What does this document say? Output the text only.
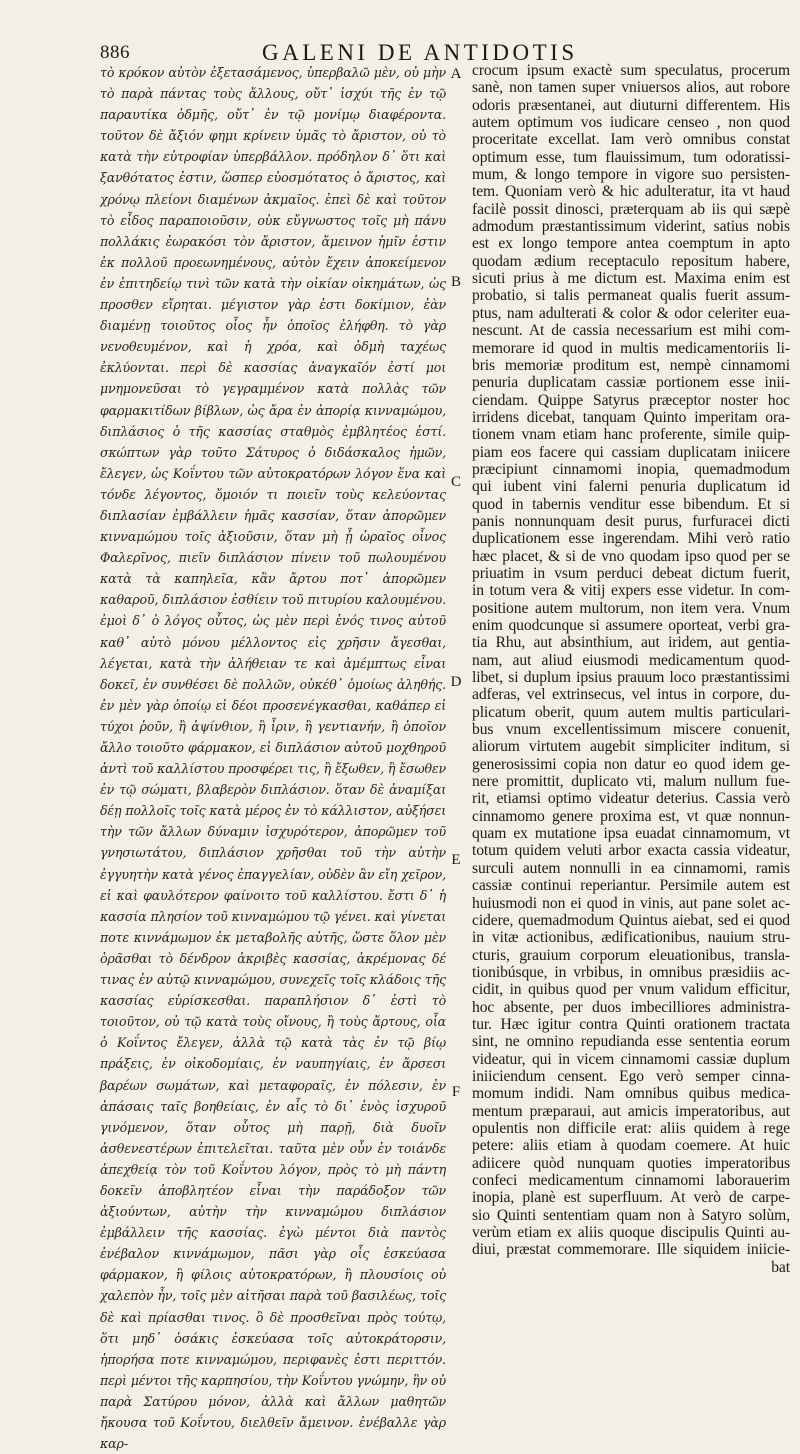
886	GALENI DE ANTIDOTIS

τὸ κρόκον αὐτὸν ἐξετασάμενος, ὑπερβαλῶ μὲν, οὐ μὴν τὸ παρὰ πάντας τοὺς ἄλλους, οὔτ᾽ ἰσχύι τῆς ἐν τῷ παραυτίκα ὀδμῆς, οὔτ᾽ ἐν τῷ μονίμῳ διαφέροντα. τοῦτον δὲ ἄξιόν φημι κρίνειν ὑμᾶς τὸ ἄριστον, οὐ τὸ κατὰ τὴν εὐτροφίαν ὑπερβάλλον. πρόδηλον δ᾽ ὅτι καὶ ξανθότατος ἐστιν, ὥσπερ εὐοσμότατος ὁ ἄριστος, καὶ χρόνῳ πλείονι διαμένων ἀκμαῖος. ἐπεὶ δὲ καὶ τοῦτον τὸ εἶδος παραποιοῦσιν, οὐκ εὔγνωστος τοῖς μὴ πάνυ πολλάκις ἑωρακόσι τὸν ἄριστον, ἄμεινον ἡμῖν ἐστιν ἐκ πολλοῦ προεωνημένους, αὐτὸν ἔχειν ἀποκείμενον ἐν ἐπιτηδείῳ τινὶ τῶν κατὰ τὴν οἰκίαν οἰκημάτων, ὡς προσθεν εἴρηται. μέγιστον γὰρ ἐστι δοκίμιον, ἐὰν διαμένῃ τοιοῦτος οἷος ἦν ὁποῖος ἐλήφθη. τὸ γὰρ νενοθευμένον, καὶ ἡ χρόα, καὶ ὀδμὴ ταχέως ἐκλύονται. περὶ δὲ κασσίας ἀναγκαῖόν ἐστί μοι μνημονεῦσαι τὸ γεγραμμένον κατὰ πολλὰς τῶν φαρμακιτίδων βίβλων, ὡς ἄρα ἐν ἀπορίᾳ κινναμώμου, διπλάσιος ὁ τῆς κασσίας σταθμὸς ἐμβλητέος ἐστί. σκώπτων γὰρ τοῦτο Σάτυρος ὁ διδάσκαλος ἡμῶν, ἔλεγεν, ὡς Κοΐντου τῶν αὐτοκρατόρων λόγον ἕνα καὶ τόνδε λέγοντος, ὅμοιόν τι ποιεῖν τοὺς κελεύοντας διπλασίαν ἐμβάλλειν ἡμᾶς κασσίαν, ὅταν ἀπορῶμεν κινναμώμου τοῖς ἀξιοῦσιν, ὅταν μὴ ᾖ ὡραῖος οἶνος Φαλερῖνος, πιεῖν διπλάσιον πίνειν τοῦ πωλουμένου κατὰ τὰ καπηλεῖα, κἂν ἄρτου ποτ᾽ ἀπορῶμεν καθαροῦ, διπλάσιον ἐσθίειν τοῦ πιτυρίου καλουμένου. ἐμοὶ δ᾽ ὁ λόγος οὗτος, ὡς μὲν περὶ ἑνός τινος αὐτοῦ καθ᾽ αὑτὸ μόνου μέλλοντος εἰς χρῆσιν ἄγεσθαι, λέγεται, κατὰ τὴν ἀλήθειαν τε καὶ ἀμέμπτως εἶναι δοκεῖ, ἐν συνθέσει δὲ πολλῶν, οὐκέθ᾽ ὁμοίως ἀληθής. ἐν μὲν γὰρ ὁποίῳ εἰ δέοι προσενέγκασθαι, καθάπερ εἰ τύχοι ῥοῦν, ἢ ἀψίνθιον, ἢ ἶριν, ἢ γεντιανήν, ἢ ὁποῖον ἄλλο τοιοῦτο φάρμακον, εἰ διπλάσιον αὐτοῦ μοχθηροῦ ἀντὶ τοῦ καλλίστου προσφέρει τις, ἢ ἔξωθεν, ἢ ἔσωθεν ἐν τῷ σώματι, βλαβερὸν διπλάσιον. ὅταν δὲ ἀναμίξαι δέῃ πολλοῖς τοῖς κατὰ μέρος ἐν τὸ κάλλιστον, αὐξήσει τὴν τῶν ἄλλων δύναμιν ἰσχυρότερον, ἀπορῶμεν τοῦ γνησιωτάτου, διπλάσιον χρῆσθαι τοῦ τὴν αὐτὴν ἐγγυητὴν κατὰ γένος ἐπαγγελίαν, οὐδὲν ἂν εἴη χεῖρον, εἰ καὶ φαυλότερον φαίνοιτο τοῦ καλλίστου. ἔστι δ᾽ ἡ κασσία πλησίον τοῦ κινναμώμου τῷ γένει. καὶ γίνεται ποτε κιννάμωμον ἐκ μεταβολῆς αὐτῆς, ὥστε ὅλον μὲν ὁρᾶσθαι τὸ δένδρον ἀκριβὲς κασσίας, ἀκρέμονας δέ τινας ἐν αὐτῷ κινναμώμου, συνεχεῖς τοῖς κλάδοις τῆς κασσίας εὑρίσκεσθαι. παραπλήσιον δ᾽ ἐστὶ τὸ τοιοῦτον, οὐ τῷ κατὰ τοὺς οἴνους, ἢ τοὺς ἄρτους, οἷα ὁ Κοΐντος ἔλεγεν, ἀλλὰ τῷ κατὰ τὰς ἐν τῷ βίῳ πράξεις, ἐν οἰκοδομίαις, ἐν ναυπηγίαις, ἐν ἄρσεσι βαρέων σωμάτων, καὶ μεταφοραῖς, ἐν πόλεσιν, ἐν ἁπάσαις ταῖς βοηθείαις, ἐν αἷς τὸ δι᾽ ἑνὸς ἰσχυροῦ γινόμενον, ὅταν οὗτος μὴ παρῇ, διὰ δυοῖν ἀσθενεστέρων ἐπιτελεῖται. ταῦτα μὲν οὖν ἐν τοιάνδε ἀπεχθείᾳ τὸν τοῦ Κοΐντου λόγον, πρὸς τὸ μὴ πάντη δοκεῖν ἀποβλητέον εἶναι τὴν παράδοξον τῶν ἀξιούντων, αὐτὴν τὴν κινναμώμου διπλάσιον ἐμβάλλειν τῆς κασσίας. ἐγὼ μέντοι διὰ παντὸς ἐνέβαλον κιννάμωμον, πᾶσι γὰρ οἷς ἐσκεύασα φάρμακον, ἢ φίλοις αὐτοκρατόρων, ἢ πλουσίοις οὐ χαλεπὸν ἦν, τοῖς μὲν αἰτῆσαι παρὰ τοῦ βασιλέως, τοῖς δὲ καὶ πρίασθαι τινος. ὃ δὲ προσθεῖναι πρὸς τούτῳ, ὅτι μηδ᾽ ὁσάκις ἐσκεύασα τοῖς αὐτοκράτορσιν, ἠπορήσα ποτε κινναμώμου, περιφανὲς ἐστι περιττόν. περὶ μέντοι τῆς καρπησίου, τὴν Κοΐντου γνώμην, ἣν οὐ παρὰ Σατύρου μόνον, ἀλλὰ καὶ ἄλλων μαθητῶν ἤκουσα τοῦ Κοΐντου, διελθεῖν ἄμεινον. ἐνέβαλλε γὰρ καρ-

A
B
C
D
E
F
crocum ipsum exactè sum speculatus, procerum
sanè, non tamen super vniuersos alios, aut robore
odoris præsentanei, aut diuturni differentem. His
autem optimum vos iudicare censeo , non quod
proceritate excellat. Iam verò omnibus constat
optimum esse, tum flauissimum, tum odoratissi-
mum, & longo tempore in vigore suo persisten-
tem. Quoniam verò & hic adulteratur, ita vt haud
facilè possit dinosci, præterquam ab iis qui sæpè
admodum præstantissimum viderint, satius nobis
est ex longo tempore antea coemptum in apto
quodam ædium receptaculo repositum habere,
sicuti prius à me dictum est. Maxima enim est
probatio, si talis permaneat qualis fuerit assum-
ptus, nam adulterati & color & odor celeriter eua-
nescunt. At de cassia necessarium est mihi com-
memorare id quod in multis medicamentoriis li-
bris memoriæ proditum est, nempè cinnamomi
penuria duplicatam cassiæ portionem esse inii-
ciendam. Quippe Satyrus præceptor noster hoc
irridens dicebat, tanquam Quinto imperitam ora-
tionem vnam etiam hanc proferente, simile quip-
piam eos facere qui cassiam duplicatam iniicere
præcipiunt cinnamomi inopia, quemadmodum
qui iubent vini falerni penuria duplicatum id
quod in tabernis venditur esse bibendum. Et si
panis nonnunquam desit purus, furfuracei dicti
duplicationem esse ingerendam. Mihi verò ratio
hæc placet, & si de vno quodam ipso quod per se
priuatim in vsum perduci debeat dictum fuerit,
in totum vera & vitij expers esse videtur. In com-
positione autem multorum, non item vera. Vnum
enim quodcunque si assumere oporteat, verbi gra-
tia Rhu, aut absinthium, aut iridem, aut gentia-
nam, aut aliud eiusmodi medicamentum quod-
libet, si duplum ipsius prauum loco præstantissimi
adferas, vel extrinsecus, vel intus in corpore, du-
plicatum oberit, quum autem multis particulari-
bus vnum excellentissimum miscere conuenit,
aliorum virtutem augebit simpliciter inditum, si
generosissimi copia non datur eo quod idem ge-
nere promittit, duplicato vti, malum nullum fue-
rit, etiamsi optimo videatur deterius. Cassia verò
cinnamomo genere proxima est, vt quæ nonnun-
quam ex mutatione ipsa euadat cinnamomum, vt
totum quidem veluti arbor exacta cassia videatur,
surculi autem nonnulli in ea cinnamomi, ramis
cassiæ continui reperiantur. Persimile autem est
huiusmodi non ei quod in vinis, aut pane solet ac-
cidere, quemadmodum Quintus aiebat, sed ei quod
in vitæ actionibus, ædificationibus, nauium stru-
cturis, grauium corporum eleuationibus, transla-
tionibúsque, in vrbibus, in omnibus præsidiis ac-
cidit, in quibus quod per vnum validum efficitur,
hoc absente, per duos imbecilliores administra-
tur. Hæc igitur contra Quinti orationem tractata
sint, ne omnino repudianda esse sententia eorum
videatur, qui in vicem cinnamomi cassiæ duplum
iniiciendum censent. Ego verò semper cinna-
momum indidi. Nam omnibus quibus medica-
mentum præparaui, aut amicis imperatoribus, aut
opulentis non difficile erat: aliis quidem à rege
petere: aliis etiam à quodam coemere. At huic
adiicere quòd nunquam quoties imperatoribus
confeci medicamentum cinnamomi laborauerim
inopia, planè est superfluum. At verò de carpe-
sio Quinti sententiam quam non à Satyro solùm,
verùm etiam ex aliis quoque discipulis Quinti au-
diui, præstat commemorare. Ille siquidem iniicie-
bat
